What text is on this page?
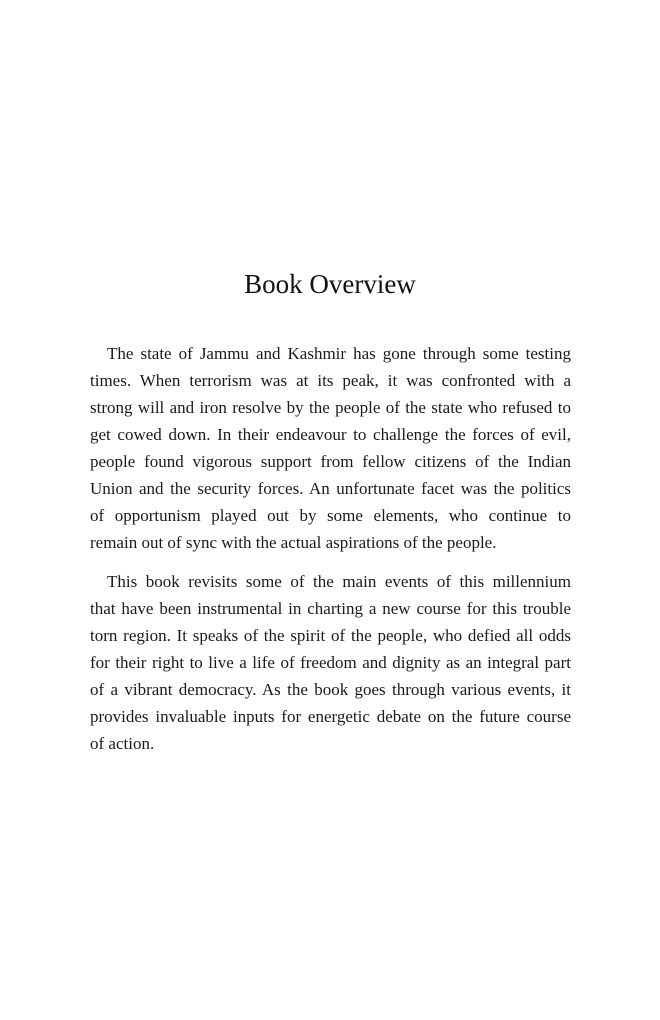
Book Overview
The state of Jammu and Kashmir has gone through some testing
times. When terrorism was at its peak, it was confronted with a
strong will and iron resolve by the people of the state who refused to
get cowed down. In their endeavour to challenge the forces of evil,
people found vigorous support from fellow citizens of the Indian
Union and the security forces. An unfortunate facet was the politics
of opportunism played out by some elements, who continue to
remain out of sync with the actual aspirations of the people.
This book revisits some of the main events of this millennium
that have been instrumental in charting a new course for this trouble
torn region. It speaks of the spirit of the people, who defied all odds
for their right to live a life of freedom and dignity as an integral part
of a vibrant democracy. As the book goes through various events, it
provides invaluable inputs for energetic debate on the future course
of action.
